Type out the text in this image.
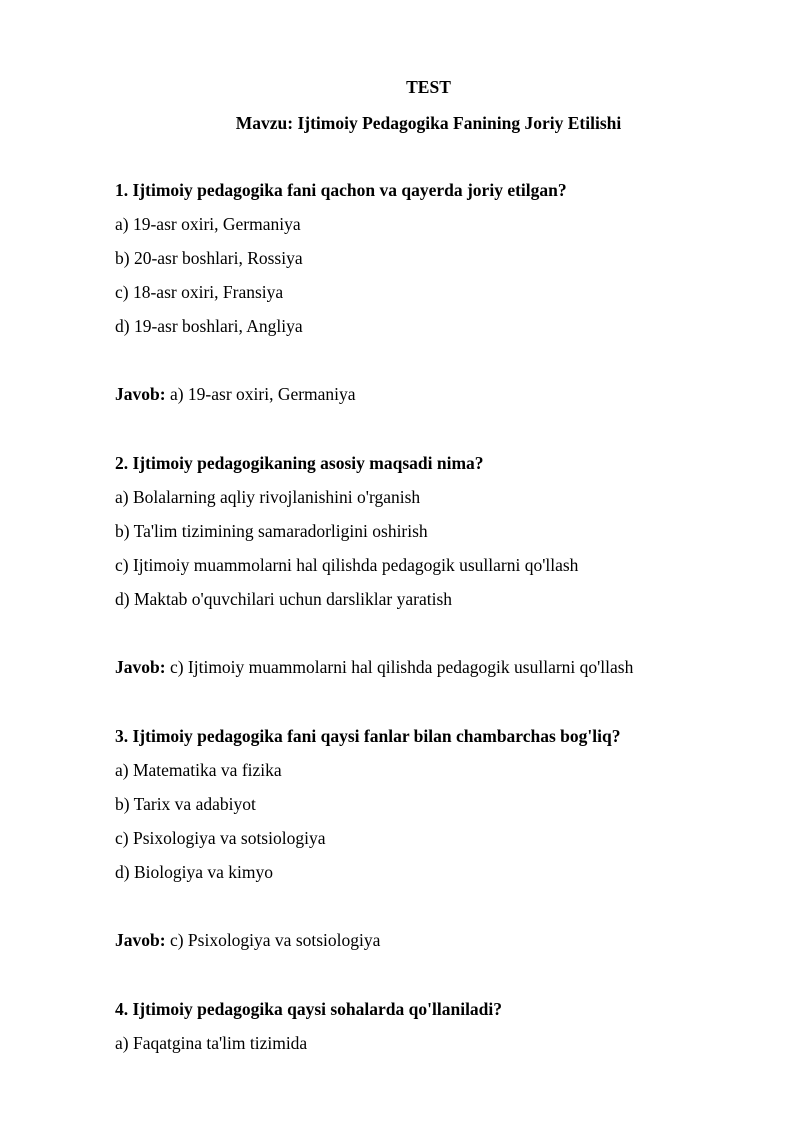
TEST

Mavzu: Ijtimoiy Pedagogika Fanining Joriy Etilishi

1. Ijtimoiy pedagogika fani qachon va qayerda joriy etilgan?

a) 19-asr oxiri, Germaniya

b) 20-asr boshlari, Rossiya

c) 18-asr oxiri, Fransiya

d) 19-asr boshlari, Angliya

Javob: a) 19-asr oxiri, Germaniya

2. Ijtimoiy pedagogikaning asosiy maqsadi nima?

a) Bolalarning aqliy rivojlanishini o'rganish

b) Ta'lim tizimining samaradorligini oshirish

c) Ijtimoiy muammolarni hal qilishda pedagogik usullarni qo'llash

d) Maktab o'quvchilari uchun darsliklar yaratish

Javob: c) Ijtimoiy muammolarni hal qilishda pedagogik usullarni qo'llash

3. Ijtimoiy pedagogika fani qaysi fanlar bilan chambarchas bog'liq?

a) Matematika va fizika

b) Tarix va adabiyot

c) Psixologiya va sotsiologiya

d) Biologiya va kimyo

Javob: c) Psixologiya va sotsiologiya

4. Ijtimoiy pedagogika qaysi sohalarda qo'llaniladi?

a) Faqatgina ta'lim tizimida
